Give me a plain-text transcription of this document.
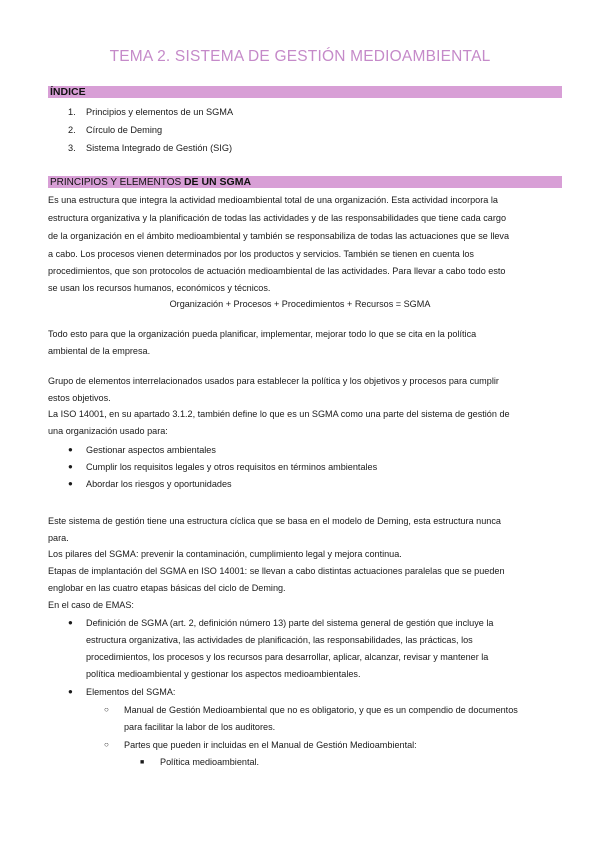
TEMA 2. SISTEMA DE GESTIÓN MEDIOAMBIENTAL
ÍNDICE
1. Principios y elementos de un SGMA
2. Círculo de Deming
3. Sistema Integrado de Gestión (SIG)
PRINCIPIOS Y ELEMENTOS DE UN SGMA
Es una estructura que integra la actividad medioambiental total de una organización. Esta actividad incorpora la
estructura organizativa y la planificación de todas las actividades y de las responsabilidades que tiene cada cargo
de la organización en el ámbito medioambiental y también se responsabiliza de todas las actuaciones que se lleva
a cabo. Los procesos vienen determinados por los productos y servicios. También se tienen en cuenta los
procedimientos, que son protocolos de actuación medioambiental de las actividades. Para llevar a cabo todo esto
se usan los recursos humanos, económicos y técnicos.
Organización + Procesos + Procedimientos + Recursos = SGMA
Todo esto para que la organización pueda planificar, implementar, mejorar todo lo que se cita en la política
ambiental de la empresa.
Grupo de elementos interrelacionados usados para establecer la política y los objetivos y procesos para cumplir
estos objetivos.
La ISO 14001, en su apartado 3.1.2, también define lo que es un SGMA como una parte del sistema de gestión de
una organización usado para:
● Gestionar aspectos ambientales
● Cumplir los requisitos legales y otros requisitos en términos ambientales
● Abordar los riesgos y oportunidades
Este sistema de gestión tiene una estructura cíclica que se basa en el modelo de Deming, esta estructura nunca
para.
Los pilares del SGMA: prevenir la contaminación, cumplimiento legal y mejora continua.
Etapas de implantación del SGMA en ISO 14001: se llevan a cabo distintas actuaciones paralelas que se pueden
englobar en las cuatro etapas básicas del ciclo de Deming.
En el caso de EMAS:
● Definición de SGMA (art. 2, definición número 13) parte del sistema general de gestión que incluye la
estructura organizativa, las actividades de planificación, las responsabilidades, las prácticas, los
procedimientos, los procesos y los recursos para desarrollar, aplicar, alcanzar, revisar y mantener la
política medioambiental y gestionar los aspectos medioambientales.
● Elementos del SGMA:
○ Manual de Gestión Medioambiental que no es obligatorio, y que es un compendio de documentos
para facilitar la labor de los auditores.
○ Partes que pueden ir incluidas en el Manual de Gestión Medioambiental:
■ Política medioambiental.
